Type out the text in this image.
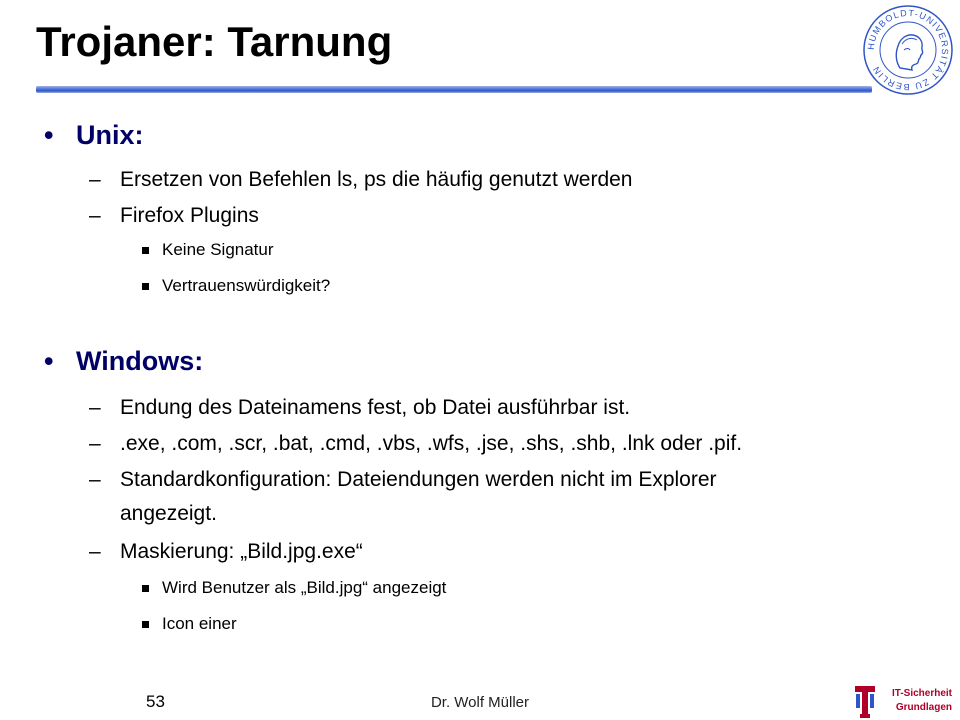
Trojaner: Tarnung	HUMBOLDT-UNIVERSITÄT ZU BERLIN
• Unix:
– Ersetzen von Befehlen ls, ps die häufig genutzt werden
– Firefox Plugins
Keine Signatur
Vertrauenswürdigkeit?
• Windows:
– Endung des Dateinamens fest, ob Datei ausführbar ist.
– .exe, .com, .scr, .bat, .cmd, .vbs, .wfs, .jse, .shs, .shb, .lnk oder .pif.
– Standardkonfiguration: Dateiendungen werden nicht im Explorer
angezeigt.
– Maskierung: „Bild.jpg.exe“
Wird Benutzer als „Bild.jpg“ angezeigt
Icon einer
53	Dr. Wolf Müller
IT-Sicherheit
Grundlagen
